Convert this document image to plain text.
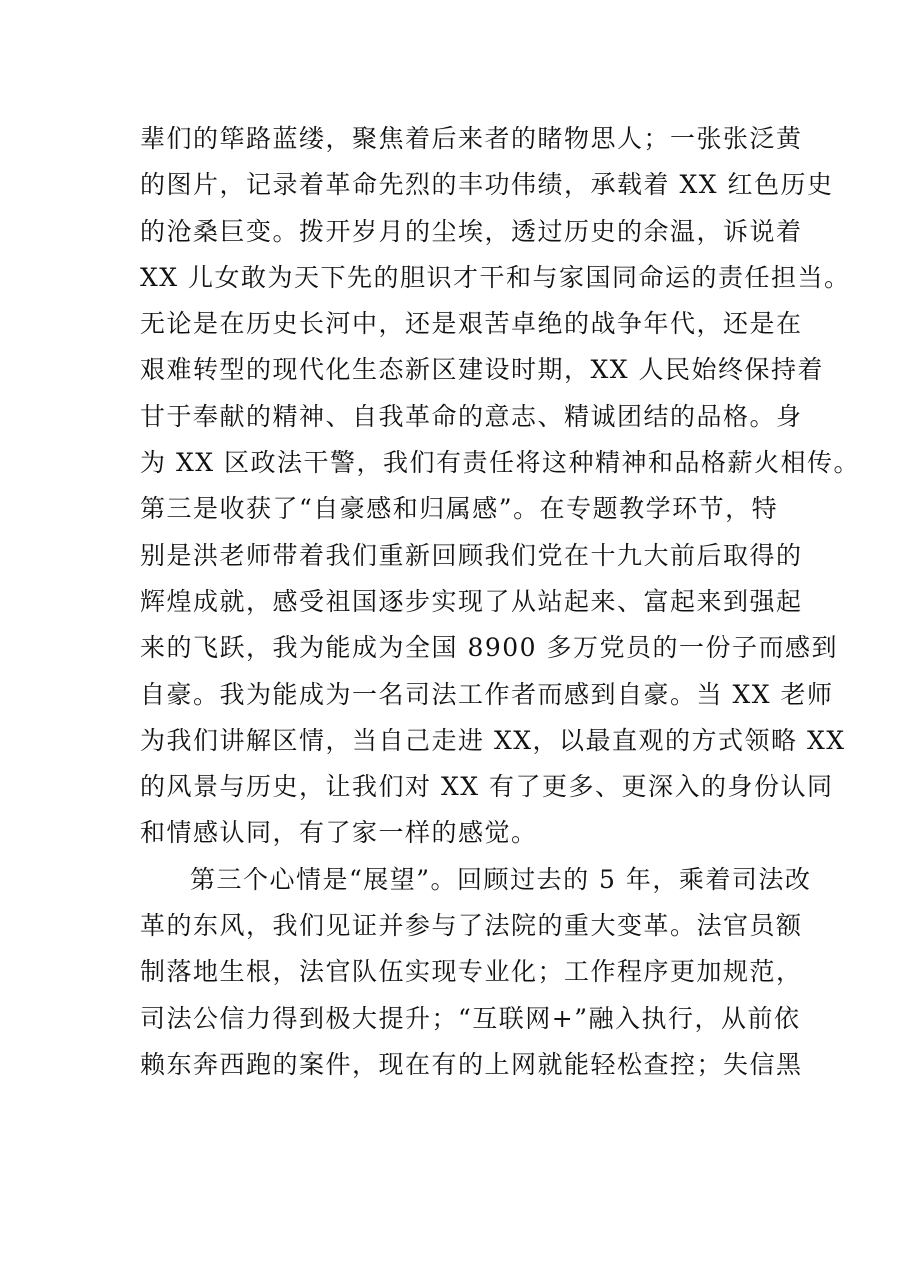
辈们的筚路蓝缕，聚焦着后来者的睹物思人；一张张泛黄
的图片，记录着革命先烈的丰功伟绩，承载着 XX 红色历史
的沧桑巨变。拨开岁月的尘埃，透过历史的余温，诉说着
XX 儿女敢为天下先的胆识才干和与家国同命运的责任担当。
无论是在历史长河中，还是艰苦卓绝的战争年代，还是在
艰难转型的现代化生态新区建设时期，XX 人民始终保持着
甘于奉献的精神、自我革命的意志、精诚团结的品格。身
为 XX 区政法干警，我们有责任将这种精神和品格薪火相传。
第三是收获了“自豪感和归属感”。在专题教学环节，特
别是洪老师带着我们重新回顾我们党在十九大前后取得的
辉煌成就，感受祖国逐步实现了从站起来、富起来到强起
来的飞跃，我为能成为全国 8900 多万党员的一份子而感到
自豪。我为能成为一名司法工作者而感到自豪。当 XX 老师
为我们讲解区情，当自己走进 XX，以最直观的方式领略 XX
的风景与历史，让我们对 XX 有了更多、更深入的身份认同
和情感认同，有了家一样的感觉。
第三个心情是“展望”。回顾过去的 5 年，乘着司法改
革的东风，我们见证并参与了法院的重大变革。法官员额
制落地生根，法官队伍实现专业化；工作程序更加规范，
司法公信力得到极大提升；“互联网+”融入执行，从前依
赖东奔西跑的案件，现在有的上网就能轻松查控；失信黑
